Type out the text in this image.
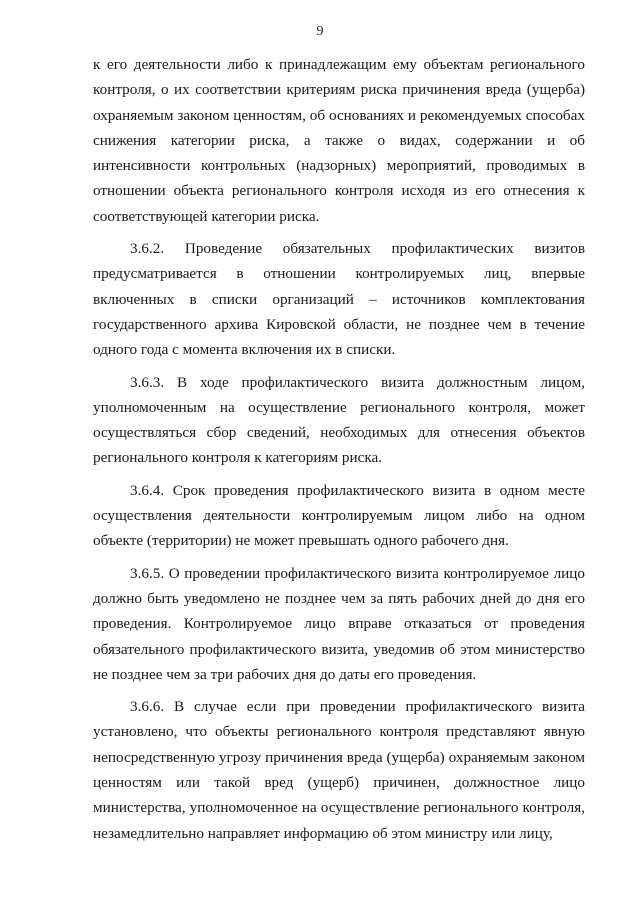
9

к его деятельности либо к принадлежащим ему объектам регионального контроля, о их соответствии критериям риска причинения вреда (ущерба) охраняемым законом ценностям, об основаниях и рекомендуемых способах снижения категории риска, а также о видах, содержании и об интенсивности контрольных (надзорных) мероприятий, проводимых в отношении объекта регионального контроля исходя из его отнесения к соответствующей категории риска.

3.6.2. Проведение обязательных профилактических визитов предусматривается в отношении контролируемых лиц, впервые включенных в списки организаций – источников комплектования государственного архива Кировской области, не позднее чем в течение одного года с момента включения их в списки.

3.6.3. В ходе профилактического визита должностным лицом, уполномоченным на осуществление регионального контроля, может осуществляться сбор сведений, необходимых для отнесения объектов регионального контроля к категориям риска.

3.6.4. Срок проведения профилактического визита в одном месте осуществления деятельности контролируемым лицом либо на одном объекте (территории) не может превышать одного рабочего дня.

3.6.5. О проведении профилактического визита контролируемое лицо должно быть уведомлено не позднее чем за пять рабочих дней до дня его проведения. Контролируемое лицо вправе отказаться от проведения обязательного профилактического визита, уведомив об этом министерство не позднее чем за три рабочих дня до даты его проведения.

3.6.6. В случае если при проведении профилактического визита установлено, что объекты регионального контроля представляют явную непосредственную угрозу причинения вреда (ущерба) охраняемым законом ценностям или такой вред (ущерб) причинен, должностное лицо министерства, уполномоченное на осуществление регионального контроля, незамедлительно направляет информацию об этом министру или лицу,
